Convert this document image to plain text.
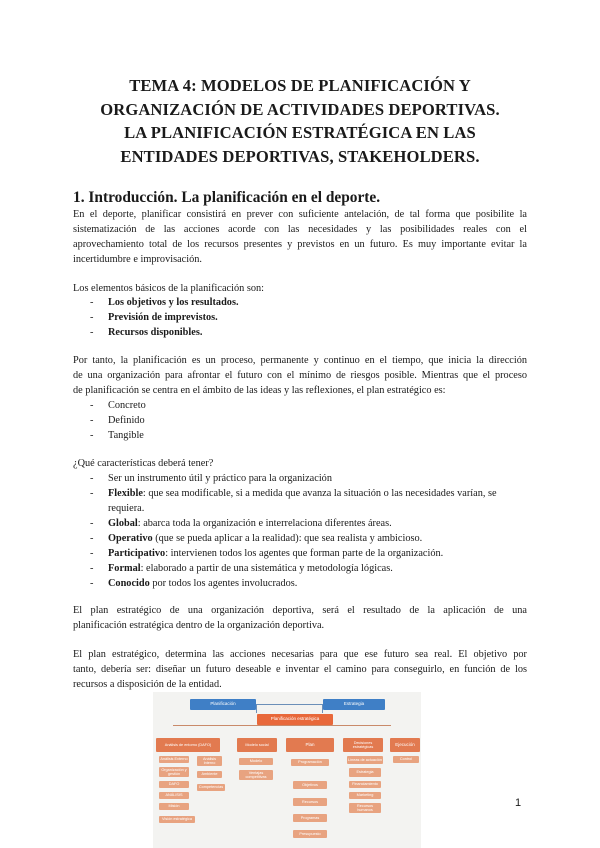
TEMA 4: MODELOS DE PLANIFICACIÓN Y
ORGANIZACIÓN DE ACTIVIDADES DEPORTIVAS.
LA PLANIFICACIÓN ESTRATÉGICA EN LAS
ENTIDADES DEPORTIVAS, STAKEHOLDERS.
1. Introducción. La planificación en el deporte.
En el deporte, planificar consistirá en prever con suficiente antelación, de tal forma que posibilite la
sistematización de las acciones acorde con las necesidades y las posibilidades reales con el
aprovechamiento total de los recursos presentes y previstos en un futuro. Es muy importante evitar la
incertidumbre e improvisación.
Los elementos básicos de la planificación son:
- Los objetivos y los resultados.
- Previsión de imprevistos.
- Recursos disponibles.
Por tanto, la planificación es un proceso, permanente y continuo en el tiempo, que inicia la dirección
de una organización para afrontar el futuro con el mínimo de riesgos posible. Mientras que el proceso
de planificación se centra en el ámbito de las ideas y las reflexiones, el plan estratégico es:
- Concreto
- Definido
- Tangible
¿Qué características deberá tener?
- Ser un instrumento útil y práctico para la organización
- Flexible: que sea modificable, si a medida que avanza la situación o las necesidades varían, se
requiera.
- Global: abarca toda la organización e interrelaciona diferentes áreas.
- Operativo (que se pueda aplicar a la realidad): que sea realista y ambicioso.
- Participativo: intervienen todos los agentes que forman parte de la organización.
- Formal: elaborado a partir de una sistemática y metodología lógicas.
- Conocido por todos los agentes involucrados.
El plan estratégico de una organización deportiva, será el resultado de la aplicación de una
planificación estratégica dentro de la organización deportiva.
El plan estratégico, determina las acciones necesarias para que ese futuro sea real. El objetivo por
tanto, debería ser: diseñar un futuro deseable e inventar el camino para conseguirlo, en función de los
recursos a disposición de la entidad.
Planificación	Estrategia
Planificación estratégica
Análisis de entorno (DAFO)
Análisis Externo
Organización y gestión
DAFO
ANÁLISIS
Misión
Visión estratégica
Análisis Interno
Ambiente
Competencias
Modelo social
Modelo
Ventajas competitivas
Plan
Programación
Objetivos
Recursos
Programas
Presupuesto
Decisiones estratégicas
Líneas de actuación
Estrategia
Financiamiento
Marketing
Recursos humanos
Ejecución
Control
1
